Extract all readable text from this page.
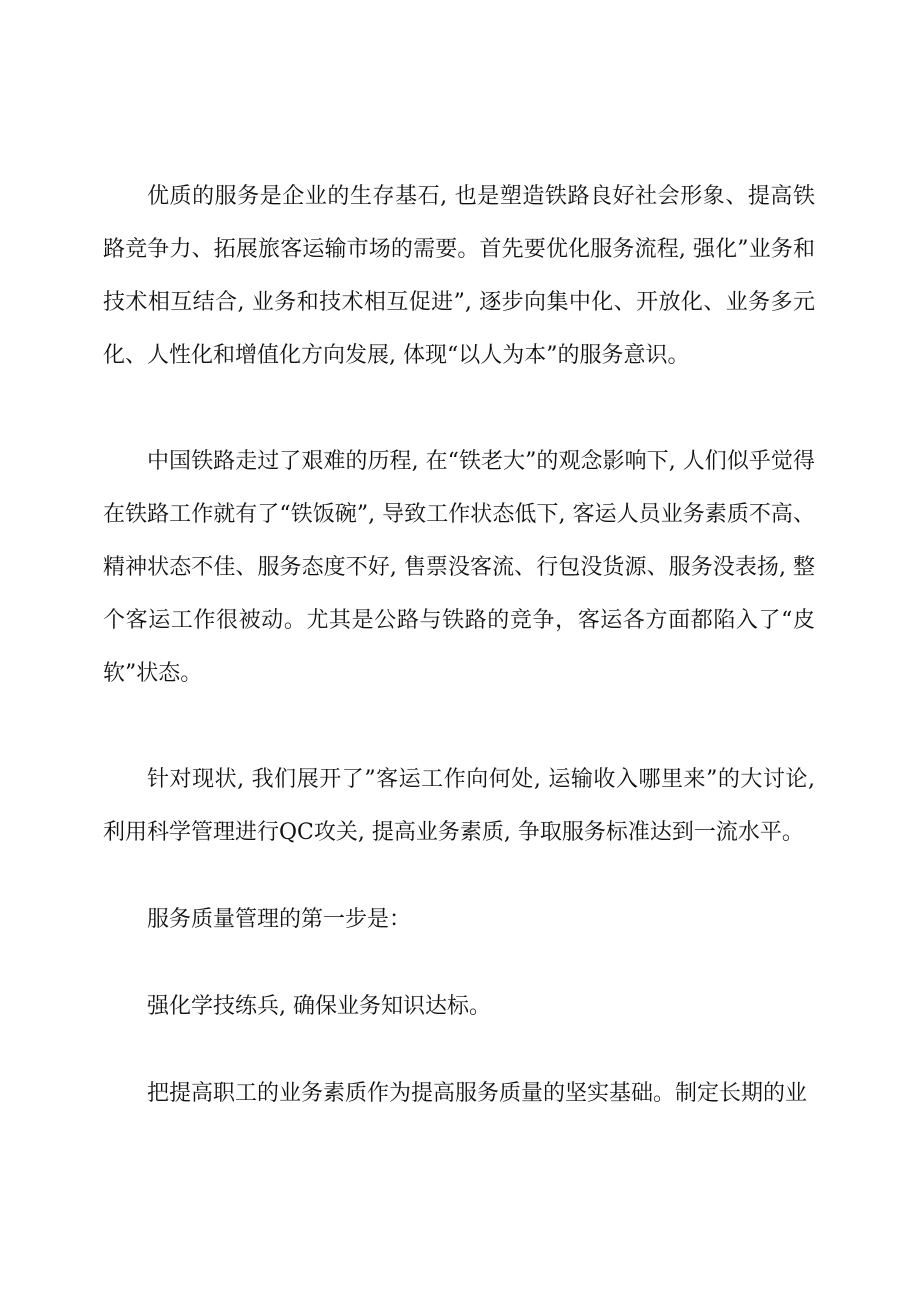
优质的服务是企业的生存基石, 也是塑造铁路良好社会形象、提高铁路竞争力、拓展旅客运输市场的需要。首先要优化服务流程, 强化”业务和技术相互结合, 业务和技术相互促进”, 逐步向集中化、开放化、业务多元化、人性化和增值化方向发展, 体现“以人为本”的服务意识。

中国铁路走过了艰难的历程, 在“铁老大”的观念影响下, 人们似乎觉得在铁路工作就有了“铁饭碗”, 导致工作状态低下, 客运人员业务素质不高、精神状态不佳、服务态度不好, 售票没客流、行包没货源、服务没表扬, 整个客运工作很被动。尤其是公路与铁路的竞争，客运各方面都陷入了“皮软”状态。

针对现状, 我们展开了”客运工作向何处, 运输收入哪里来”的大讨论, 利用科学管理进行QC攻关, 提高业务素质, 争取服务标准达到一流水平。

服务质量管理的第一步是：

强化学技练兵, 确保业务知识达标。

把提高职工的业务素质作为提高服务质量的坚实基础。制定长期的业
